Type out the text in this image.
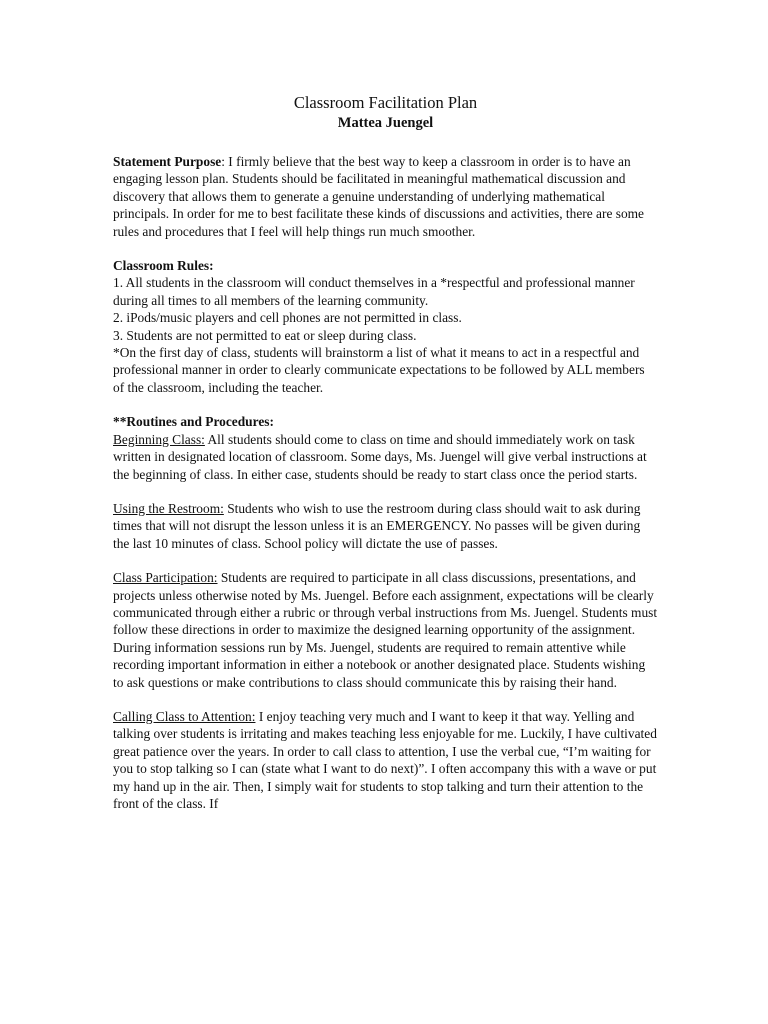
Classroom Facilitation Plan
Mattea Juengel

Statement Purpose: I firmly believe that the best way to keep a classroom in order is to have an engaging lesson plan. Students should be facilitated in meaningful mathematical discussion and discovery that allows them to generate a genuine understanding of underlying mathematical principals. In order for me to best facilitate these kinds of discussions and activities, there are some rules and procedures that I feel will help things run much smoother.

Classroom Rules:

1. All students in the classroom will conduct themselves in a *respectful and professional manner during all times to all members of the learning community.

2. iPods/music players and cell phones are not permitted in class.

3. Students are not permitted to eat or sleep during class.

*On the first day of class, students will brainstorm a list of what it means to act in a respectful and professional manner in order to clearly communicate expectations to be followed by ALL members of the classroom, including the teacher.

**Routines and Procedures:

Beginning Class: All students should come to class on time and should immediately work on task written in designated location of classroom. Some days, Ms. Juengel will give verbal instructions at the beginning of class. In either case, students should be ready to start class once the period starts.

Using the Restroom: Students who wish to use the restroom during class should wait to ask during times that will not disrupt the lesson unless it is an EMERGENCY. No passes will be given during the last 10 minutes of class. School policy will dictate the use of passes.

Class Participation: Students are required to participate in all class discussions, presentations, and projects unless otherwise noted by Ms. Juengel. Before each assignment, expectations will be clearly communicated through either a rubric or through verbal instructions from Ms. Juengel. Students must follow these directions in order to maximize the designed learning opportunity of the assignment. During information sessions run by Ms. Juengel, students are required to remain attentive while recording important information in either a notebook or another designated place. Students wishing to ask questions or make contributions to class should communicate this by raising their hand.

Calling Class to Attention: I enjoy teaching very much and I want to keep it that way. Yelling and talking over students is irritating and makes teaching less enjoyable for me. Luckily, I have cultivated great patience over the years. In order to call class to attention, I use the verbal cue, “I’m waiting for you to stop talking so I can (state what I want to do next)”. I often accompany this with a wave or put my hand up in the air. Then, I simply wait for students to stop talking and turn their attention to the front of the class. If
